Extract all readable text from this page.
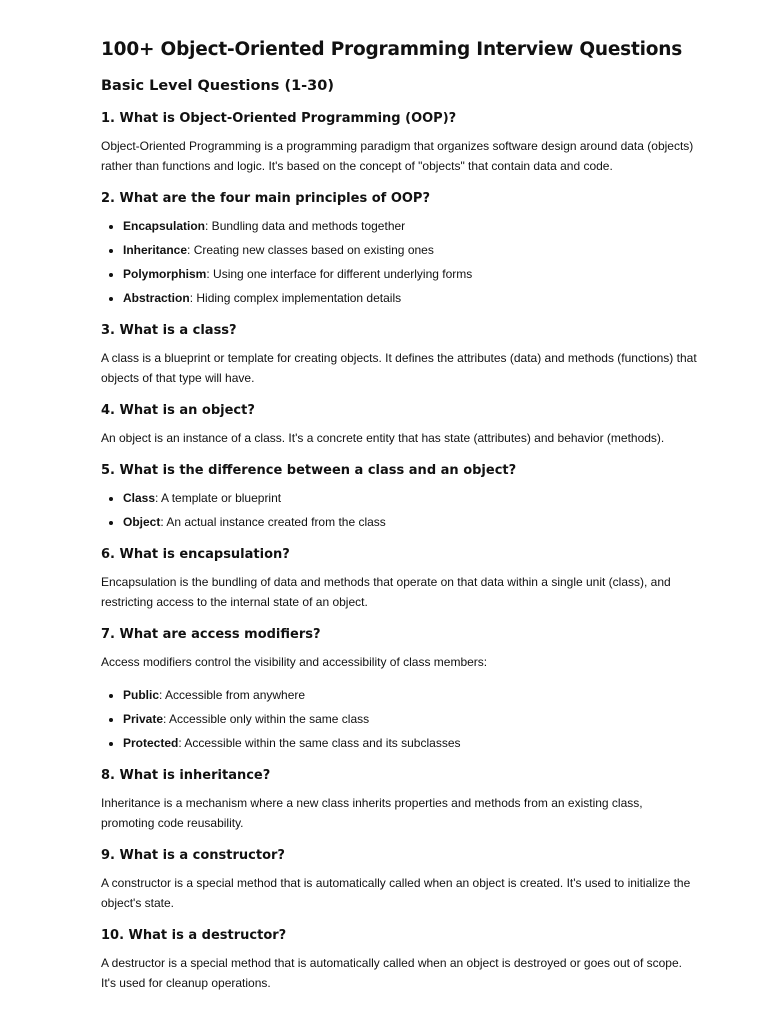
100+ Object-Oriented Programming Interview Questions
Basic Level Questions (1-30)
1. What is Object-Oriented Programming (OOP)?

Object-Oriented Programming is a programming paradigm that organizes software design around data (objects) rather than functions and logic. It's based on the concept of "objects" that contain data and code.

2. What are the four main principles of OOP?
• Encapsulation: Bundling data and methods together
• Inheritance: Creating new classes based on existing ones
• Polymorphism: Using one interface for different underlying forms
• Abstraction: Hiding complex implementation details
3. What is a class?

A class is a blueprint or template for creating objects. It defines the attributes (data) and methods (functions) that objects of that type will have.

4. What is an object?

An object is an instance of a class. It's a concrete entity that has state (attributes) and behavior (methods).

5. What is the difference between a class and an object?
• Class: A template or blueprint
• Object: An actual instance created from the class
6. What is encapsulation?

Encapsulation is the bundling of data and methods that operate on that data within a single unit (class), and restricting access to the internal state of an object.

7. What are access modifiers?

Access modifiers control the visibility and accessibility of class members:

• Public: Accessible from anywhere
• Private: Accessible only within the same class
• Protected: Accessible within the same class and its subclasses
8. What is inheritance?

Inheritance is a mechanism where a new class inherits properties and methods from an existing class, promoting code reusability.

9. What is a constructor?

A constructor is a special method that is automatically called when an object is created. It's used to initialize the object's state.

10. What is a destructor?

A destructor is a special method that is automatically called when an object is destroyed or goes out of scope. It's used for cleanup operations.
